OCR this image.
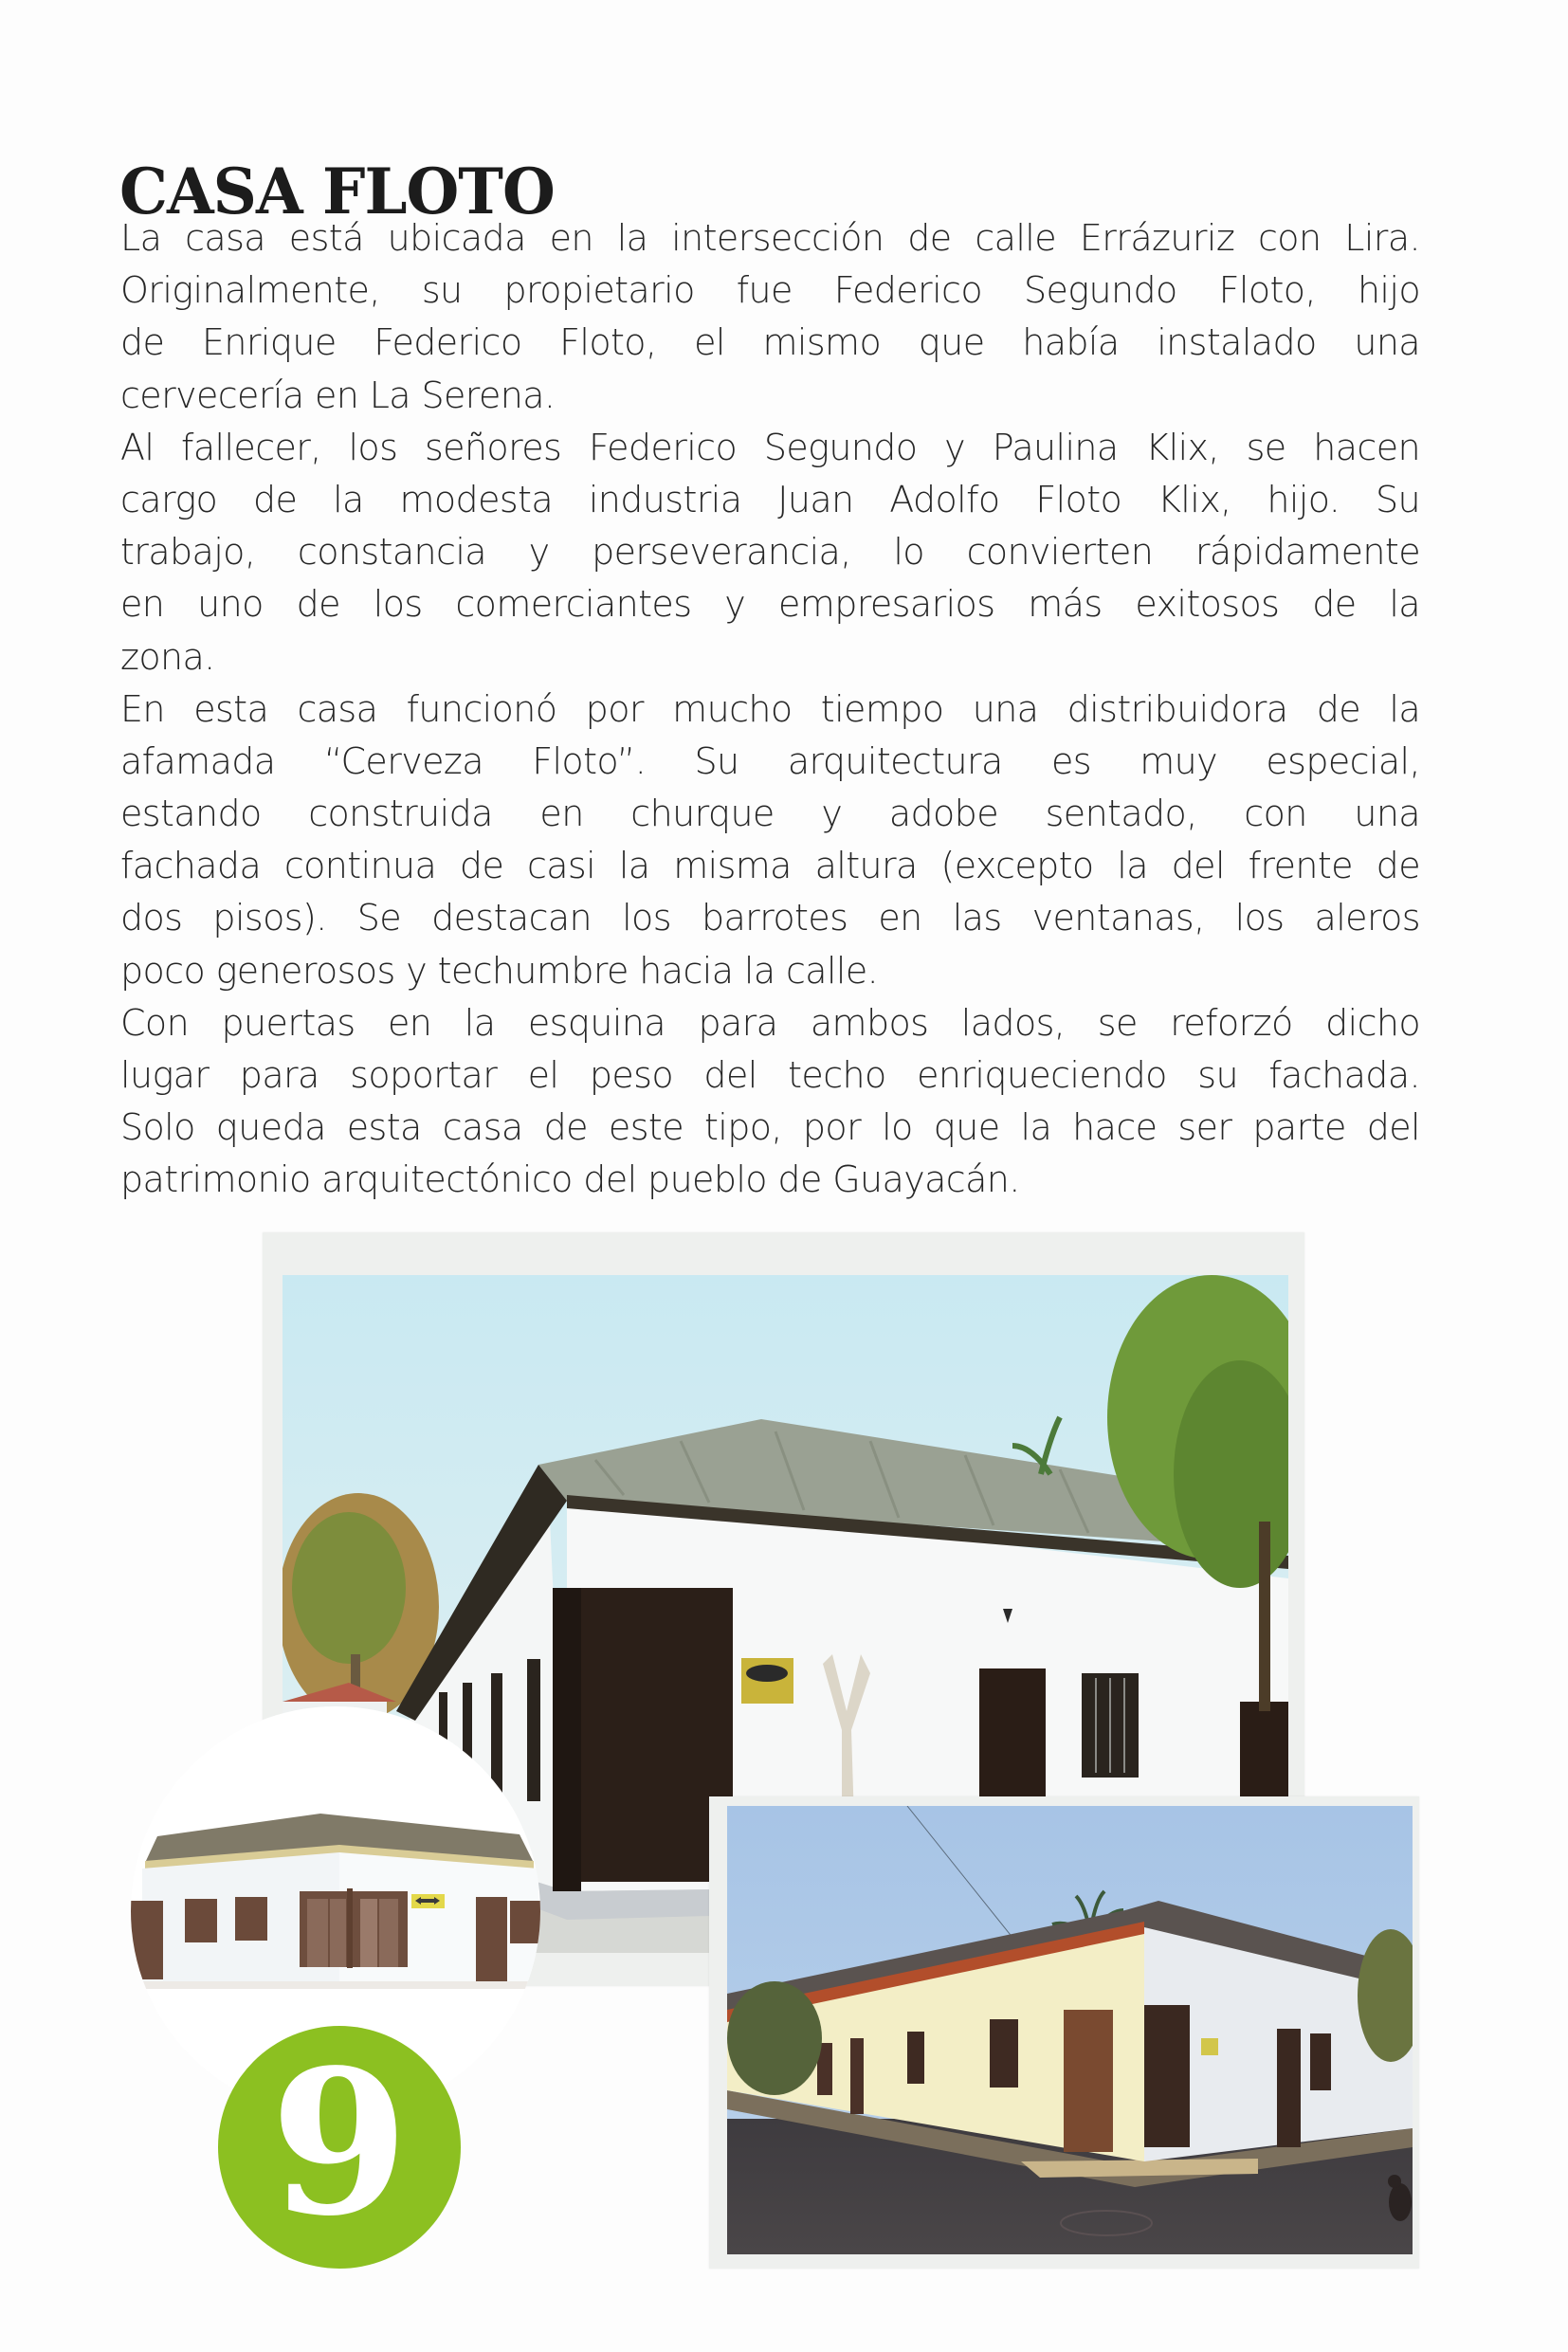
CASA FLOTO
La casa está ubicada en la intersección de calle Errázuriz con Lira.
Originalmente, su propietario fue Federico Segundo Floto, hijo
de Enrique Federico Floto, el mismo que había instalado una
cervecería en La Serena.
Al fallecer, los señores Federico Segundo y Paulina Klix, se hacen
cargo de la modesta industria Juan Adolfo Floto Klix, hijo. Su
trabajo, constancia y perseverancia, lo convierten rápidamente
en uno de los comerciantes y empresarios más exitosos de la
zona.
En esta casa funcionó por mucho tiempo una distribuidora de la
afamada “Cerveza Floto”. Su arquitectura es muy especial,
estando construida en churque y adobe sentado, con una
fachada continua de casi la misma altura (excepto la del frente de
dos pisos). Se destacan los barrotes en las ventanas, los aleros
poco generosos y techumbre hacia la calle.
Con puertas en la esquina para ambos lados, se reforzó dicho
lugar para soportar el peso del techo enriqueciendo su fachada.
Solo queda esta casa de este tipo, por lo que la hace ser parte del
patrimonio arquitectónico del pueblo de Guayacán.
9
